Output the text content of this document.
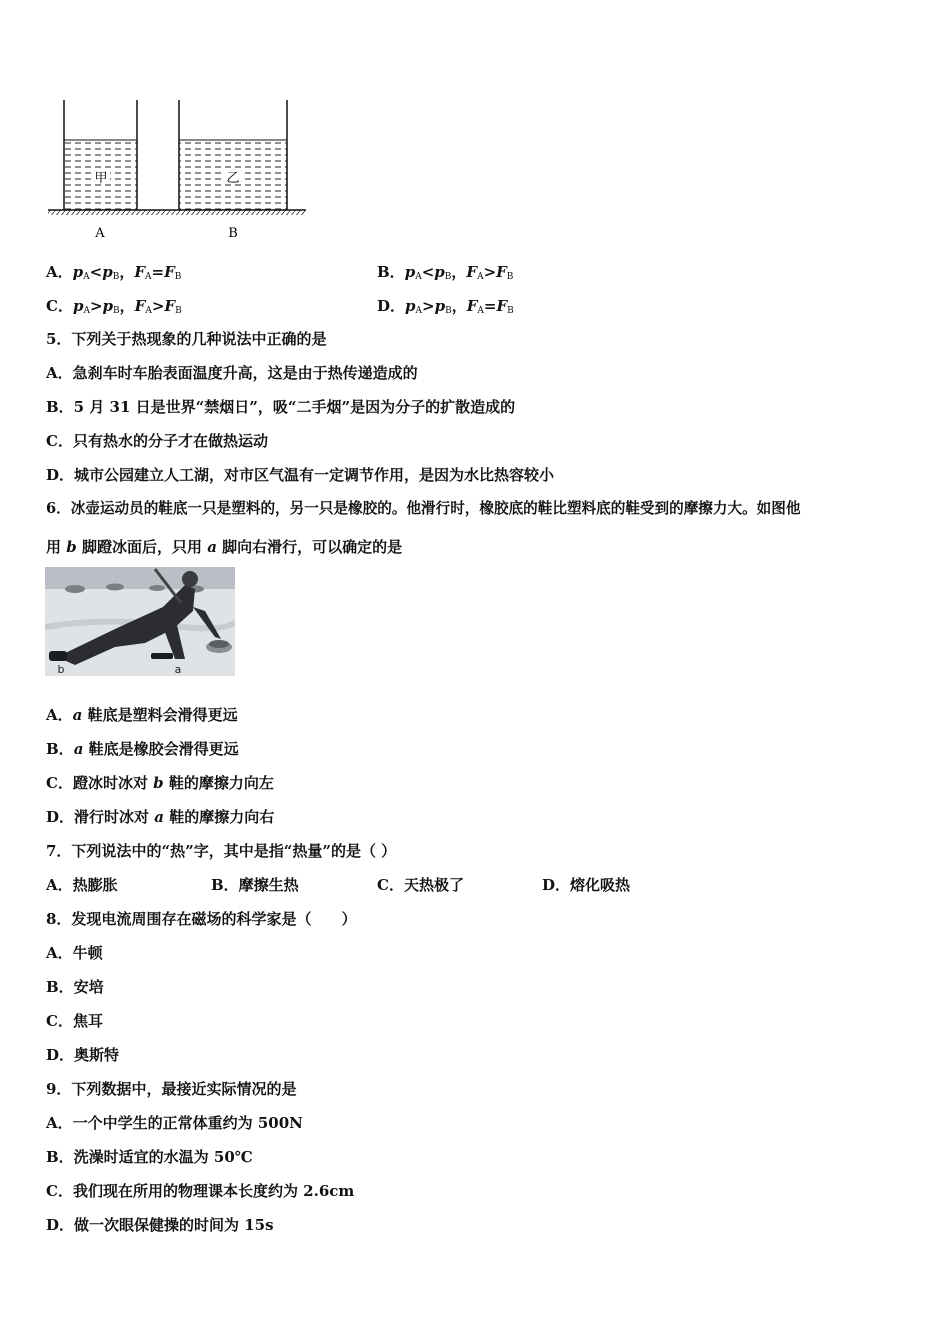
甲	乙
A	B
A．$p_A<p_B$，$F_A=F_B$	B．$p_A<p_B$，$F_A>F_B$
C．$p_A>p_B$，$F_A>F_B$	D．$p_A>p_B$，$F_A=F_B$
5．下列关于热现象的几种说法中正确的是
A．急刹车时车胎表面温度升高，这是由于热传递造成的
B．5 月 31 日是世界“禁烟日”，吸“二手烟”是因为分子的扩散造成的
C．只有热水的分子才在做热运动
D．城市公园建立人工湖，对市区气温有一定调节作用，是因为水比热容较小
6．冰壶运动员的鞋底一只是塑料的，另一只是橡胶的。他滑行时，橡胶底的鞋比塑料底的鞋受到的摩擦力大。如图他
用 b 脚蹬冰面后，只用 a 脚向右滑行，可以确定的是
b	a
A．a 鞋底是塑料会滑得更远
B．a 鞋底是橡胶会滑得更远
C．蹬冰时冰对 b 鞋的摩擦力向左
D．滑行时冰对 a 鞋的摩擦力向右
7．下列说法中的“热”字，其中是指“热量”的是（ ）
A．热膨胀	B．摩擦生热	C．天热极了	D．熔化吸热
8．发现电流周围存在磁场的科学家是（　　）
A．牛顿
B．安培
C．焦耳
D．奥斯特
9．下列数据中，最接近实际情况的是
A．一个中学生的正常体重约为 500N
B．洗澡时适宜的水温为 50℃
C．我们现在所用的物理课本长度约为 2.6cm
D．做一次眼保健操的时间为 15s
